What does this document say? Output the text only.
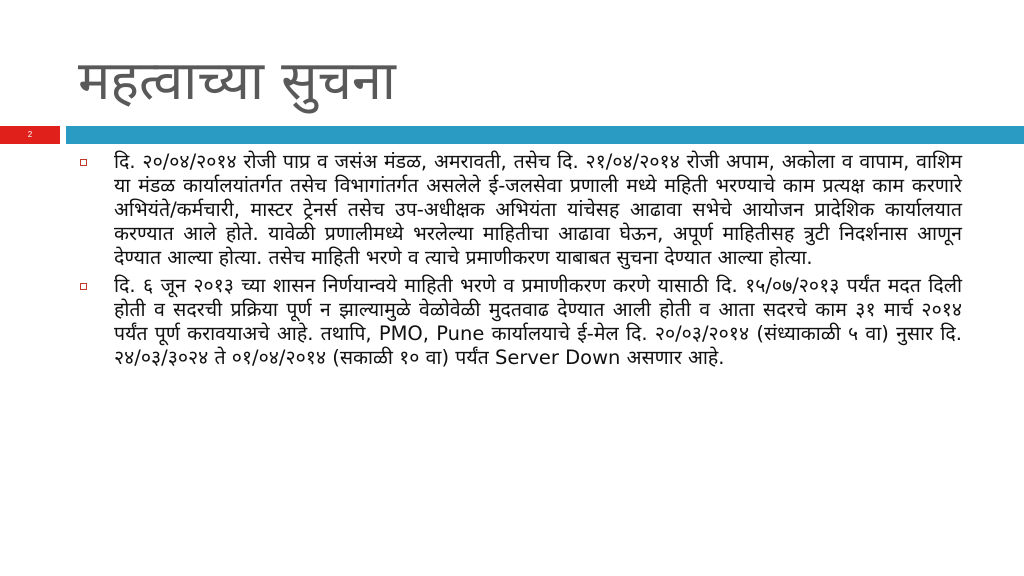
महत्वाच्या सुचना
2
दि. २०/०४/२०१४ रोजी पाप्र व जसंअ मंडळ, अमरावती, तसेच दि. २१/०४/२०१४ रोजी अपाम, अकोला व वापाम, वाशिम या मंडळ कार्यालयांतर्गत तसेच विभागांतर्गत असलेले ई-जलसेवा प्रणाली मध्ये महिती भरण्याचे काम प्रत्यक्ष काम करणारे अभियंते/कर्मचारी, मास्टर ट्रेनर्स तसेच उप-अधीक्षक अभियंता यांचेसह आढावा सभेचे आयोजन प्रादेशिक कार्यालयात करण्यात आले होते. यावेळी प्रणालीमध्ये भरलेल्या माहितीचा आढावा घेऊन, अपूर्ण माहितीसह त्रुटी निदर्शनास आणून देण्यात आल्या होत्या. तसेच माहिती भरणे व त्याचे प्रमाणीकरण याबाबत सुचना देण्यात आल्या होत्या.
दि. ६ जून २०१३ च्या शासन निर्णयान्वये माहिती भरणे व प्रमाणीकरण करणे यासाठी दि. १५/०७/२०१३ पर्यंत मदत दिली होती व सदरची प्रक्रिया पूर्ण न झाल्यामुळे वेळोवेळी मुदतवाढ देण्यात आली होती व आता सदरचे काम ३१ मार्च २०१४ पर्यंत पूर्ण करावयाअचे आहे. तथापि, PMO, Pune कार्यालयाचे ई-मेल दि. २०/०३/२०१४ (संध्याकाळी ५ वा) नुसार दि. २४/०३/३०२४ ते ०१/०४/२०१४ (सकाळी १० वा) पर्यंत Server Down असणार आहे.
